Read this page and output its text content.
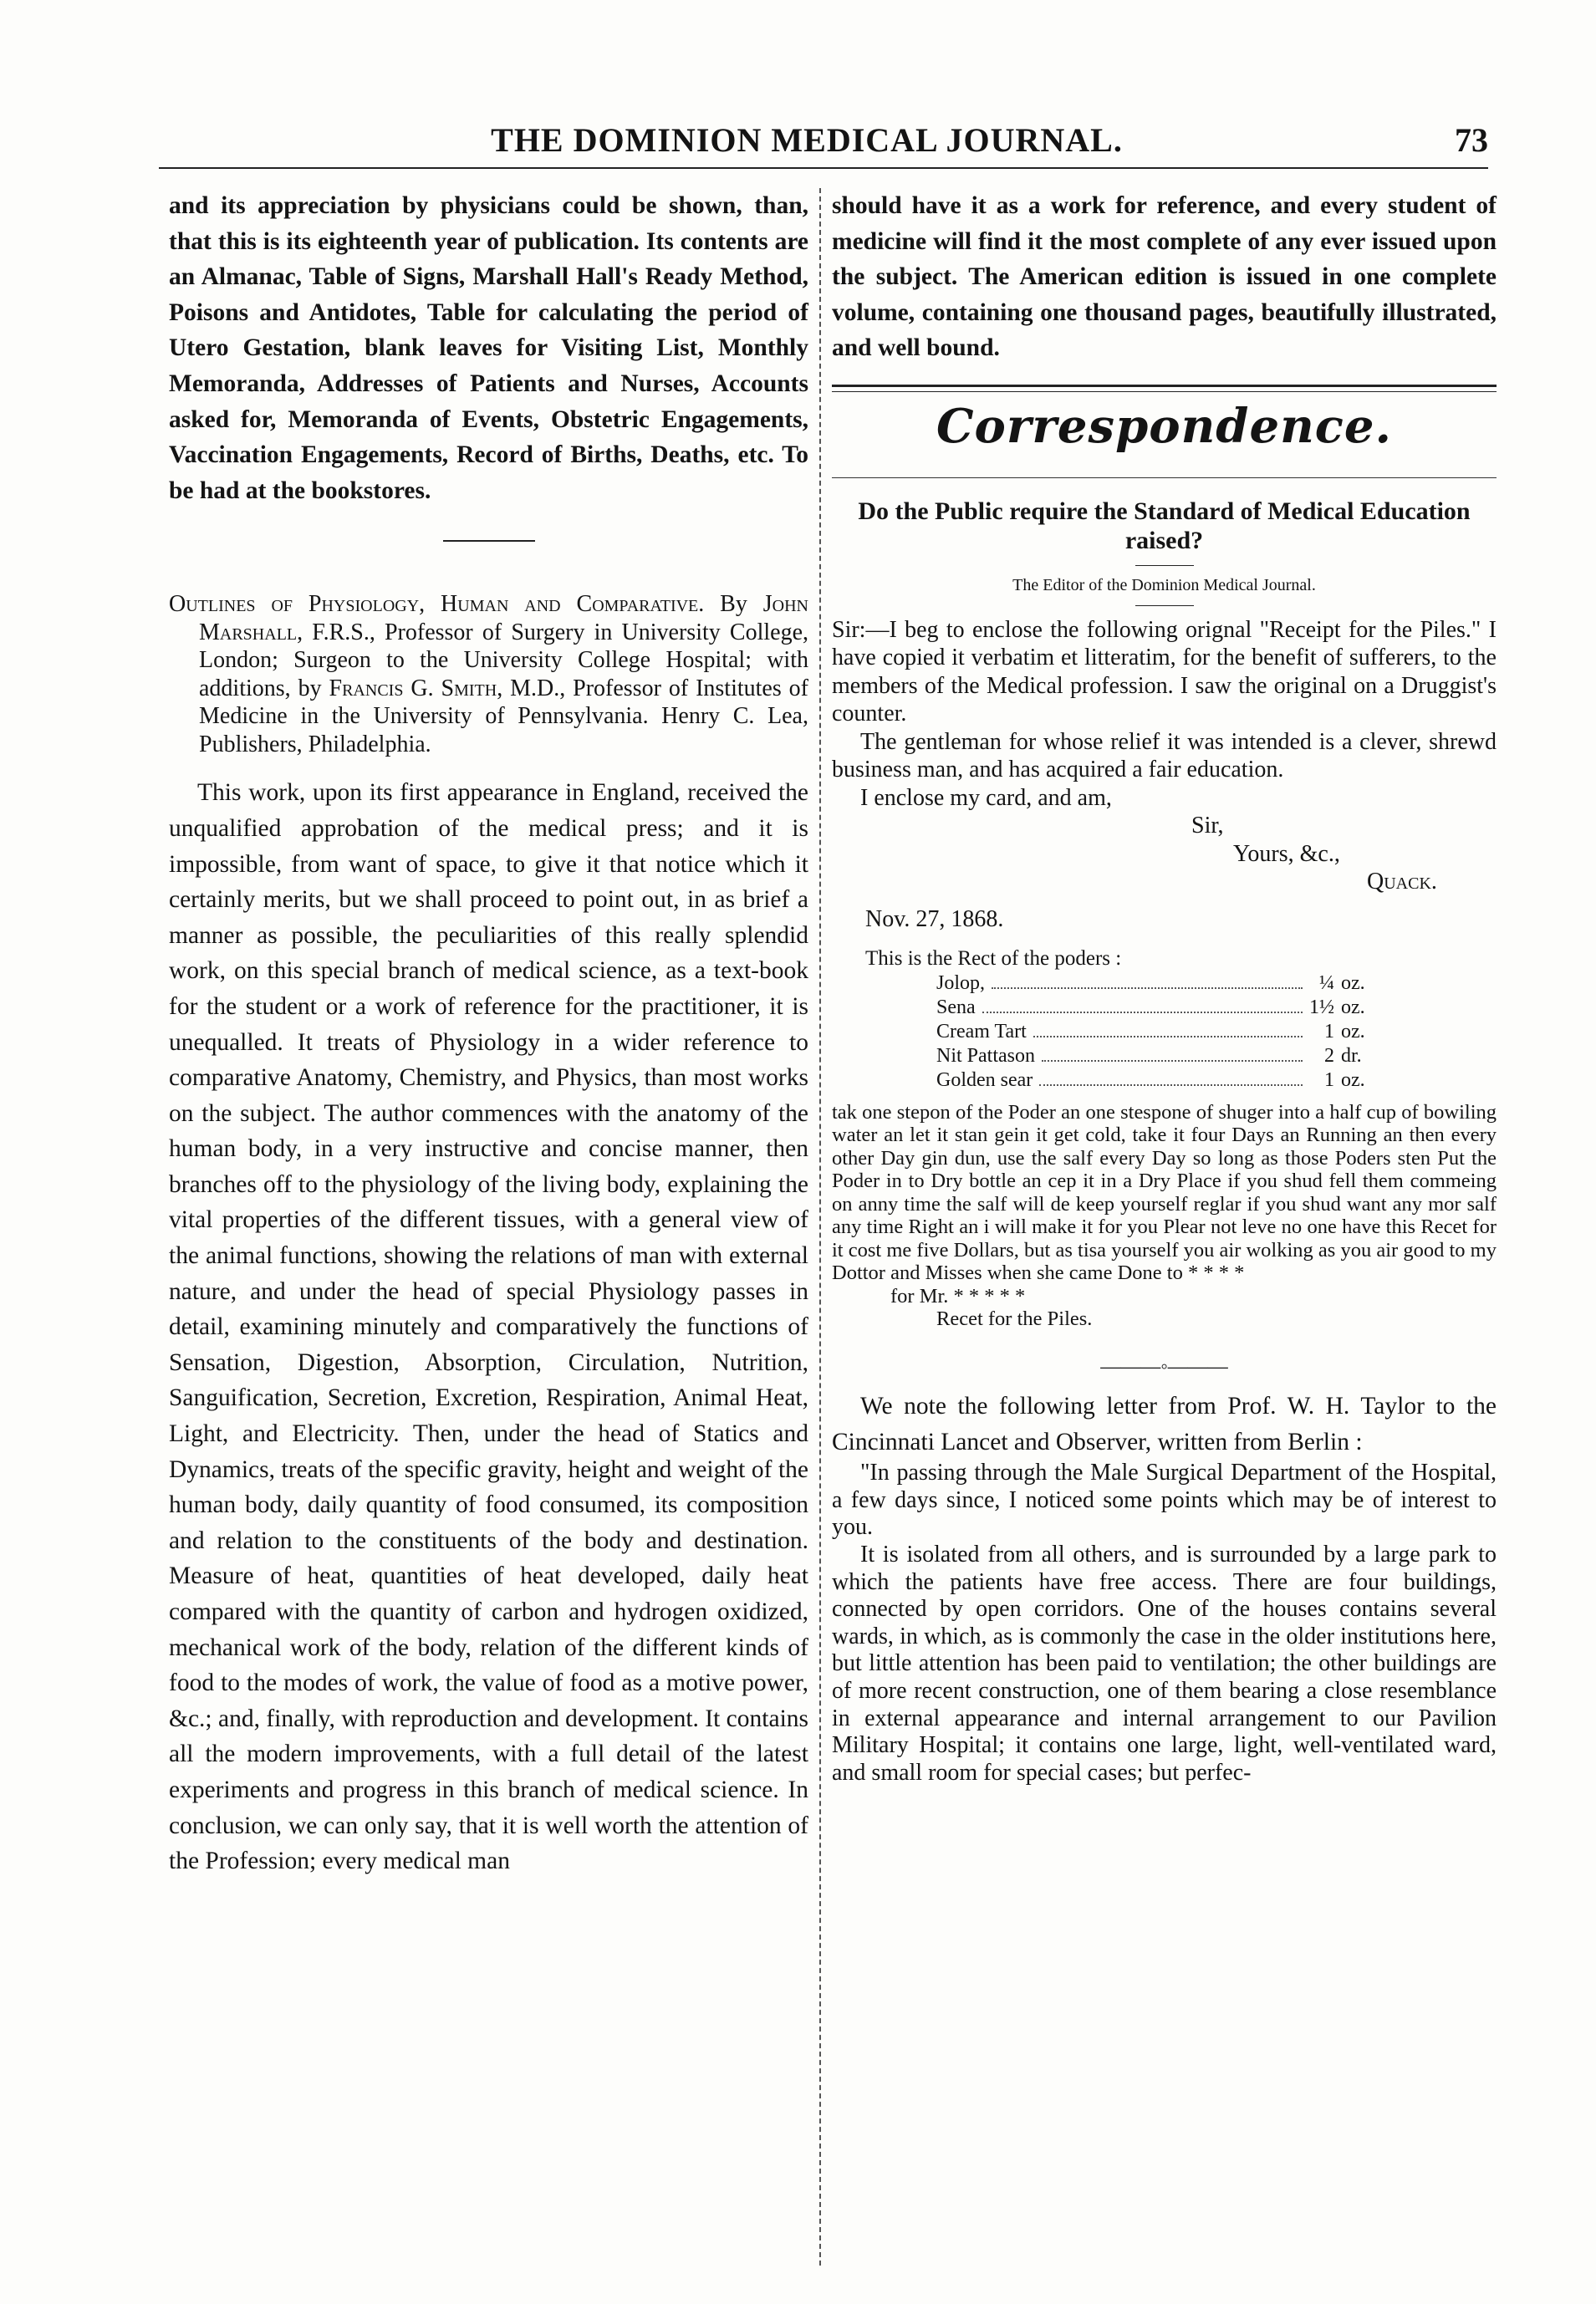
THE DOMINION MEDICAL JOURNAL.	73

and its appreciation by physicians could be shown, than, that this is its eighteenth year of publication. Its contents are an Almanac, Table of Signs, Marshall Hall's Ready Method, Poisons and Antidotes, Table for calculating the period of Utero Gestation, blank leaves for Visiting List, Monthly Memoranda, Addresses of Patients and Nurses, Accounts asked for, Memoranda of Events, Obstetric Engagements, Vaccination Engagements, Record of Births, Deaths, etc. To be had at the bookstores.

Outlines of Physiology, Human and Comparative. By John Marshall, F.R.S., Professor of Surgery in University College, London; Surgeon to the University College Hospital; with additions, by Francis G. Smith, M.D., Professor of Institutes of Medicine in the University of Pennsylvania. Henry C. Lea, Publishers, Philadelphia.

This work, upon its first appearance in England, received the unqualified approbation of the medical press; and it is impossible, from want of space, to give it that notice which it certainly merits, but we shall proceed to point out, in as brief a manner as possible, the peculiarities of this really splendid work, on this special branch of medical science, as a text-book for the student or a work of reference for the practitioner, it is unequalled. It treats of Physiology in a wider reference to comparative Anatomy, Chemistry, and Physics, than most works on the subject. The author commences with the anatomy of the human body, in a very instructive and concise manner, then branches off to the physiology of the living body, explaining the vital properties of the different tissues, with a general view of the animal functions, showing the relations of man with external nature, and under the head of special Physiology passes in detail, examining minutely and comparatively the functions of Sensation, Digestion, Absorption, Circulation, Nutrition, Sanguification, Secretion, Excretion, Respiration, Animal Heat, Light, and Electricity. Then, under the head of Statics and Dynamics, treats of the specific gravity, height and weight of the human body, daily quantity of food consumed, its composition and relation to the constituents of the body and destination. Measure of heat, quantities of heat developed, daily heat compared with the quantity of carbon and hydrogen oxidized, mechanical work of the body, relation of the different kinds of food to the modes of work, the value of food as a motive power, &c.; and, finally, with reproduction and development. It contains all the modern improvements, with a full detail of the latest experiments and progress in this branch of medical science. In conclusion, we can only say, that it is well worth the attention of the Profession; every medical man

should have it as a work for reference, and every student of medicine will find it the most complete of any ever issued upon the subject. The American edition is issued in one complete volume, containing one thousand pages, beautifully illustrated, and well bound.

Correspondence.
Do the Public require the Standard of Medical Education raised?

The Editor of the Dominion Medical Journal.

Sir:—I beg to enclose the following orignal "Receipt for the Piles." I have copied it verbatim et litteratim, for the benefit of sufferers, to the members of the Medical profession. I saw the original on a Druggist's counter.

The gentleman for whose relief it was intended is a clever, shrewd business man, and has acquired a fair education.

I enclose my card, and am,

Sir,
Yours, &c.,
Quack.
Nov. 27, 1868.
This is the Rect of the poders :
Jolop,	¼ oz.
Sena	1½ oz.
Cream Tart	1 oz.
Nit Pattason	2 dr.
Golden sear	1 oz.

tak one stepon of the Poder an one stespone of shuger into a half cup of bowiling water an let it stan gein it get cold, take it four Days an Running an then every other Day gin dun, use the salf every Day so long as those Poders sten Put the Poder in to Dry bottle an cep it in a Dry Place if you shud fell them commeing on anny time the salf will de keep yourself reglar if you shud want any mor salf any time Right an i will make it for you Plear not leve no one have this Recet for it cost me five Dollars, but as tisa yourself you air wolking as you air good to my Dottor and Misses when she came Done to * * * *

for Mr. * * * * *
Recet for the Piles.
———◦———

We note the following letter from Prof. W. H. Taylor to the Cincinnati Lancet and Observer, written from Berlin :

"In passing through the Male Surgical Department of the Hospital, a few days since, I noticed some points which may be of interest to you.

It is isolated from all others, and is surrounded by a large park to which the patients have free access. There are four buildings, connected by open corridors. One of the houses contains several wards, in which, as is commonly the case in the older institutions here, but little attention has been paid to ventilation; the other buildings are of more recent construction, one of them bearing a close resemblance in external appearance and internal arrangement to our Pavilion Military Hospital; it contains one large, light, well-ventilated ward, and small room for special cases; but perfec-
